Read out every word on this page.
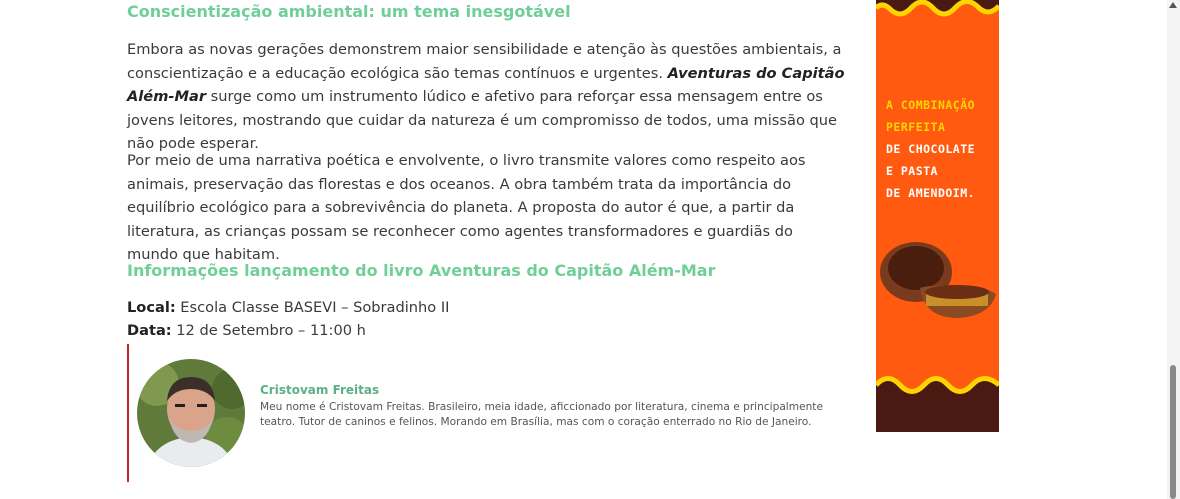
Conscientização ambiental: um tema inesgotável

Embora as novas gerações demonstrem maior sensibilidade e atenção às questões ambientais, a conscientização e a educação ecológica são temas contínuos e urgentes. Aventuras do Capitão Além-Mar surge como um instrumento lúdico e afetivo para reforçar essa mensagem entre os jovens leitores, mostrando que cuidar da natureza é um compromisso de todos, uma missão que não pode esperar.

Por meio de uma narrativa poética e envolvente, o livro transmite valores como respeito aos animais, preservação das florestas e dos oceanos. A obra também trata da importância do equilíbrio ecológico para a sobrevivência do planeta. A proposta do autor é que, a partir da literatura, as crianças possam se reconhecer como agentes transformadores e guardiãs do mundo que habitam.

Informações lançamento do livro Aventuras do Capitão Além-Mar

Local: Escola Classe BASEVI – Sobradinho II

Data: 12 de Setembro – 11:00 h

Cristovam Freitas

Meu nome é Cristovam Freitas. Brasileiro, meia idade, aficcionado por literatura, cinema e principalmente teatro. Tutor de caninos e felinos. Morando em Brasília, mas com o coração enterrado no Rio de Janeiro.

A COMBINAÇÃO
PERFEITA
DE CHOCOLATE
E PASTA
DE AMENDOIM.
